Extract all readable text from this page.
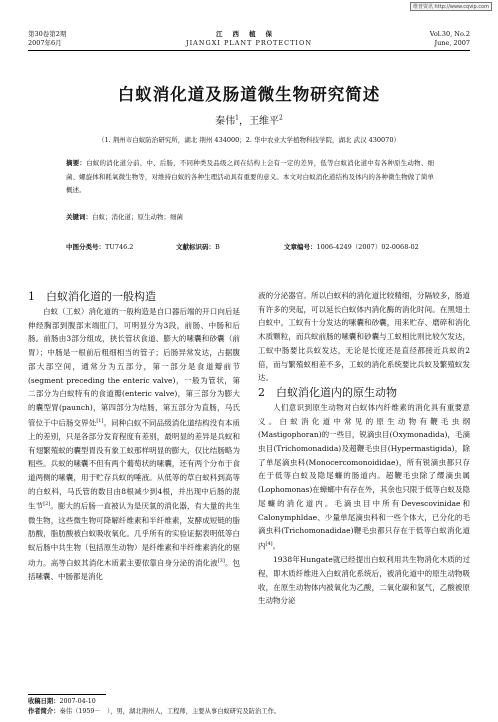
维普资讯 http://www.cqvip.com
第30卷第2期
2007年6月
江西植保
JIANGXI PLANT PROTECTION
Vol.30, No.2
June, 2007
白蚁消化道及肠道微生物研究简述
秦伟$^1$，王维平$^2$
（1. 荆州市白蚁防治研究所，湖北 荆州 434000；2. 华中农业大学植物科技学院，湖北 武汉 430070）
摘要：白蚁的消化道分前、中、后肠，不同种类及品级之间在结构上会有一定的差异，低等白蚁消化道中有各种原生动物、细菌、螺旋体和耗氧微生物等，对维持白蚁的各种生理活动具有重要的意义。本文对白蚁消化道结构及体内的各种微生物做了简单概述。
关键词：白蚁；消化道；原生动物；细菌
中图分类号：TU746.2	文献标识码：B	文章编号：1006-4249（2007）02-0068-02

1　白蚁消化道的一般构造

白蚁（工蚁）消化道的一般构造是自口器后端的开口向后延伸经胸部到腹部末端肛门，可明显分为3段，前肠、中肠和后肠。前肠由3部分组成，狭长管状食道、膨大的嗉囊和砂囊（前胃）；中肠是一根前后粗细相当的管子；后肠异常发达，占据腹部大部空间，通常分为五部分，第一部分是食道瓣前节(segment preceding the enteric valve)，一般为管状，第二部分为白蚁特有的食道瓣(enteric valve)，第三部分为膨大的囊型胃(paunch)，第四部分为结肠，第五部分为直肠，马氏管位于中后肠交界处[1]。同种白蚁不同品级消化道结构没有本质上的差别，只是各部分发育程度有差别，最明显的差异是兵蚁和有翅繁殖蚁的囊型胃没有象工蚁那样明显的膨大，仅比结肠略为粗些。兵蚁的嗉囊不但有两个葡萄状的嗉囊，还有两个分布于食道两侧的嗉囊，用于贮存兵蚁的唾液。从低等的草白蚁科到高等的白蚁科，马氏管的数目由8根减少到4根，并出现中后肠的混生节[2]。膨大的后肠一直被认为是厌氧的消化器，有大量的共生微生物，这些微生物可降解纤维素和半纤维素，发酵成短链的脂肪酸，脂肪酸被白蚁吸收氧化。几乎所有的实验证据表明低等白蚁后肠中共生物（包括原生动物）是纤维素和半纤维素消化的驱动力。高等白蚁其消化木质素主要依靠自身分泌的消化液[3]。包括嗉囊、中肠都是消化

液的分泌器官。所以白蚁科的消化道比较精细，分隔较多，肠道有许多的突起，可以延长白蚁体内消化酶的消化时间。在黑翅土白蚁中，工蚁有十分发达的嗉囊和砂囊，用来贮存、磨碎和消化木质颗粒，而兵蚁前肠的嗉囊和砂囊与工蚁相比则比较欠发达，工蚁中肠要比兵蚁发达，无论是长度还是直径都接近兵蚁的2倍，而与繁殖蚁相差不多，工蚁的消化系统要比兵蚁及繁殖蚁发达。

2　白蚁消化道内的原生动物

人们意识到原生动物对白蚁体内纤维素的消化具有重要意义。白蚁消化道中常见的原生动物有鞭毛虫纲(Mastigophoran)的一些目，锐滴虫目(Oxymonadida)，毛滴虫目(Trichomonadida)及超鞭毛虫目(Hypermastigida)，除了单尾滴虫科(Monocercomonoididae)，所有锐滴虫都只存在于低等白蚁及隐尾蠊的肠道内。超鞭毛虫除了缨滴虫属(Lophomonas)在蟑螂中有存在外，其余也只限于低等白蚁及隐尾蠊的消化道内。毛滴虫目中所有Devescovinidae和Calonymphldae、少量单尾滴虫科和一些个体大，已分化的毛滴虫科(Trichomonadidae)鞭毛虫都只存在于低等白蚁消化道内[4]。

1938年Hungate就已经提出白蚁利用共生物消化木质的过程，即木质纤维进入白蚁消化系统后，被消化道中的原生动物吸收，在原生动物体内被氧化为乙酸，二氧化碳和氢气，乙酸被原生动物分泌

收稿日期：2007-04-10
作者简介：秦伟（1959－　），男，湖北荆州人，工程师，主要从事白蚁研究及防治工作。
